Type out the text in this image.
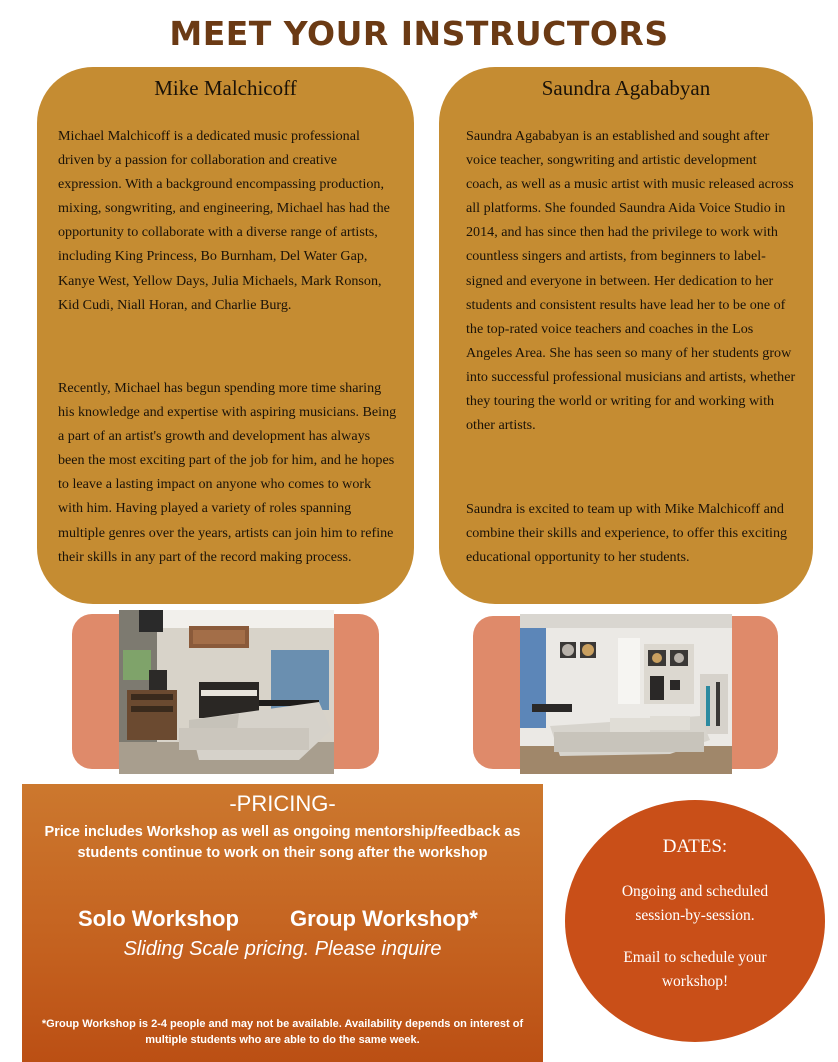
MEET YOUR INSTRUCTORS
Mike Malchicoff

Michael Malchicoff is a dedicated music professional driven by a passion for collaboration and creative expression. With a background encompassing production, mixing, songwriting, and engineering, Michael has had the opportunity to collaborate with a diverse range of artists, including King Princess, Bo Burnham, Del Water Gap, Kanye West, Yellow Days, Julia Michaels, Mark Ronson, Kid Cudi, Niall Horan, and Charlie Burg.

Recently, Michael has begun spending more time sharing his knowledge and expertise with aspiring musicians. Being a part of an artist's growth and development has always been the most exciting part of the job for him, and he hopes to leave a lasting impact on anyone who comes to work with him. Having played a variety of roles spanning multiple genres over the years, artists can join him to refine their skills in any part of the record making process.

Saundra Agababyan

Saundra Agababyan is an established and sought after voice teacher, songwriting and artistic development coach, as well as a music artist with music released across all platforms. She founded Saundra Aida Voice Studio in 2014, and has since then had the privilege to work with countless singers and artists, from beginners to label-signed and everyone in between. Her dedication to her students and consistent results have lead her to be one of the top-rated voice teachers and coaches in the Los Angeles Area. She has seen so many of her students grow into successful professional musicians and artists, whether they touring the world or writing for and working with other artists.

Saundra is excited to team up with Mike Malchicoff and combine their skills and experience, to offer this exciting educational opportunity to her students.

-PRICING-
Price includes Workshop as well as ongoing mentorship/feedback as students continue to work on their song after the workshop
Solo Workshop Group Workshop*
Sliding Scale pricing. Please inquire
*Group Workshop is 2-4 people and may not be available. Availability depends on interest of multiple students who are able to do the same week.
DATES:
Ongoing and scheduled session-by-session.
Email to schedule your workshop!
